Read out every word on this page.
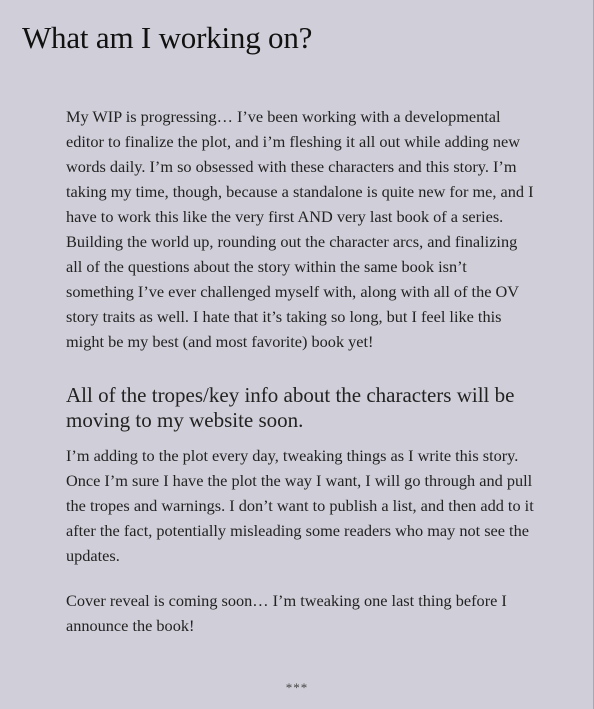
What am I working on?

My WIP is progressing… I’ve been working with a developmental editor to finalize the plot, and i’m fleshing it all out while adding new words daily. I’m so obsessed with these characters and this story. I’m taking my time, though, because a standalone is quite new for me, and I have to work this like the very first AND very last book of a series. Building the world up, rounding out the character arcs, and finalizing all of the questions about the story within the same book isn’t something I’ve ever challenged myself with, along with all of the OV story traits as well. I hate that it’s taking so long, but I feel like this might be my best (and most favorite) book yet!

All of the tropes/key info about the characters will be moving to my website soon.

I’m adding to the plot every day, tweaking things as I write this story. Once I’m sure I have the plot the way I want, I will go through and pull the tropes and warnings. I don’t want to publish a list, and then add to it after the fact, potentially misleading some readers who may not see the updates.

Cover reveal is coming soon… I’m tweaking one last thing before I announce the book!

***
